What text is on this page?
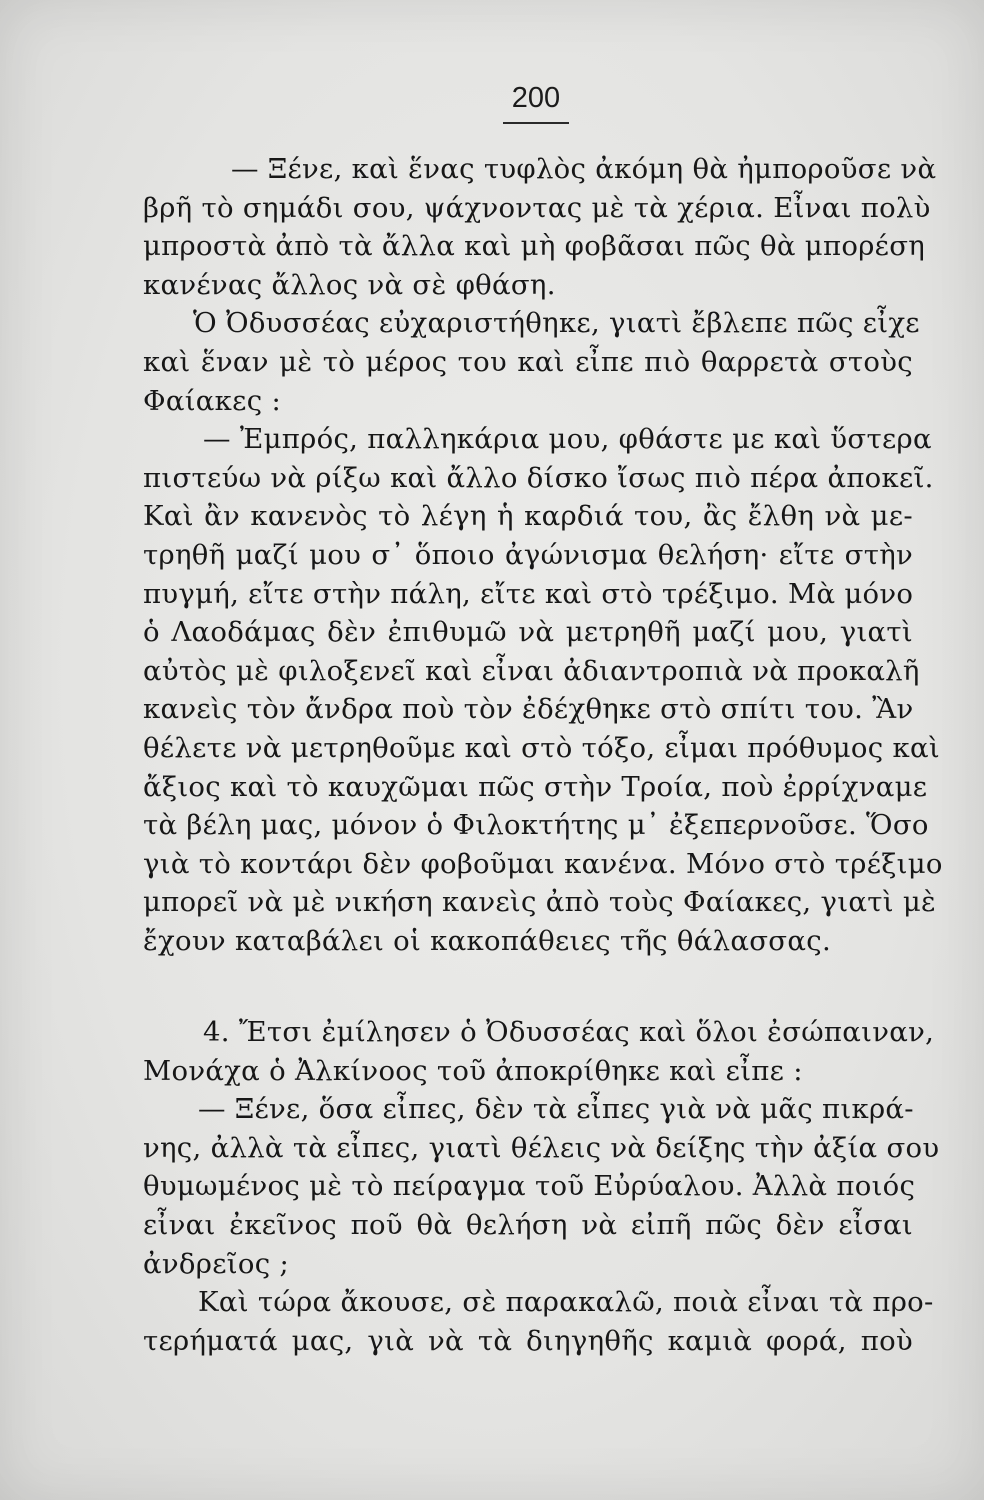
200
— Ξένε, καὶ ἕνας τυφλὸς ἀκόμη θὰ ἠμποροῦσε νὰ
βρῆ τὸ σημάδι σου, ψάχνοντας μὲ τὰ χέρια. Εἶναι πολὺ
μπροστὰ ἀπὸ τὰ ἄλλα καὶ μὴ φοβᾶσαι πῶς θὰ μπορέση
κανένας ἄλλος νὰ σὲ φθάση.
Ὁ Ὀδυσσέας εὐχαριστήθηκε, γιατὶ ἔβλεπε πῶς εἶχε
καὶ ἕναν μὲ τὸ μέρος του καὶ εἶπε πιὸ θαρρετὰ στοὺς
Φαίακες :
— Ἐμπρός, παλληκάρια μου, φθάστε με καὶ ὕστερα
πιστεύω νὰ ρίξω καὶ ἄλλο δίσκο ἴσως πιὸ πέρα ἀποκεῖ.
Καὶ ἂν κανενὸς τὸ λέγη ἡ καρδιά του, ἂς ἔλθη νὰ με-
τρηθῆ μαζί μου σ᾽ ὅποιο ἀγώνισμα θελήση· εἴτε στὴν
πυγμή, εἴτε στὴν πάλη, εἴτε καὶ στὸ τρέξιμο. Μὰ μόνο
ὁ Λαοδάμας δὲν ἐπιθυμῶ νὰ μετρηθῆ μαζί μου, γιατὶ
αὐτὸς μὲ φιλοξενεῖ καὶ εἶναι ἀδιαντροπιὰ νὰ προκαλῆ
κανεὶς τὸν ἄνδρα ποὺ τὸν ἐδέχθηκε στὸ σπίτι του. Ἂν
θέλετε νὰ μετρηθοῦμε καὶ στὸ τόξο, εἶμαι πρόθυμος καὶ
ἄξιος καὶ τὸ καυχῶμαι πῶς στὴν Τροία, ποὺ ἐρρίχναμε
τὰ βέλη μας, μόνον ὁ Φιλοκτήτης μ᾽ ἐξεπερνοῦσε. Ὅσο
γιὰ τὸ κοντάρι δὲν φοβοῦμαι κανένα. Μόνο στὸ τρέξιμο
μπορεῖ νὰ μὲ νικήση κανεὶς ἀπὸ τοὺς Φαίακες, γιατὶ μὲ
ἔχουν καταβάλει οἱ κακοπάθειες τῆς θάλασσας.
4. Ἔτσι ἐμίλησεν ὁ Ὀδυσσέας καὶ ὅλοι ἐσώπαιναν,
Μονάχα ὁ Ἀλκίνοος τοῦ ἀποκρίθηκε καὶ εἶπε :
— Ξένε, ὅσα εἶπες, δὲν τὰ εἶπες γιὰ νὰ μᾶς πικρά-
νης, ἀλλὰ τὰ εἶπες, γιατὶ θέλεις νὰ δείξης τὴν ἀξία σου
θυμωμένος μὲ τὸ πείραγμα τοῦ Εὐρύαλου. Ἀλλὰ ποιός
εἶναι ἐκεῖνος ποῦ θὰ θελήση νὰ εἰπῆ πῶς δὲν εἶσαι
ἀνδρεῖος ;
Καὶ τώρα ἄκουσε, σὲ παρακαλῶ, ποιὰ εἶναι τὰ προ-
τερήματά μας, γιὰ νὰ τὰ διηγηθῆς καμιὰ φορά, ποὺ
